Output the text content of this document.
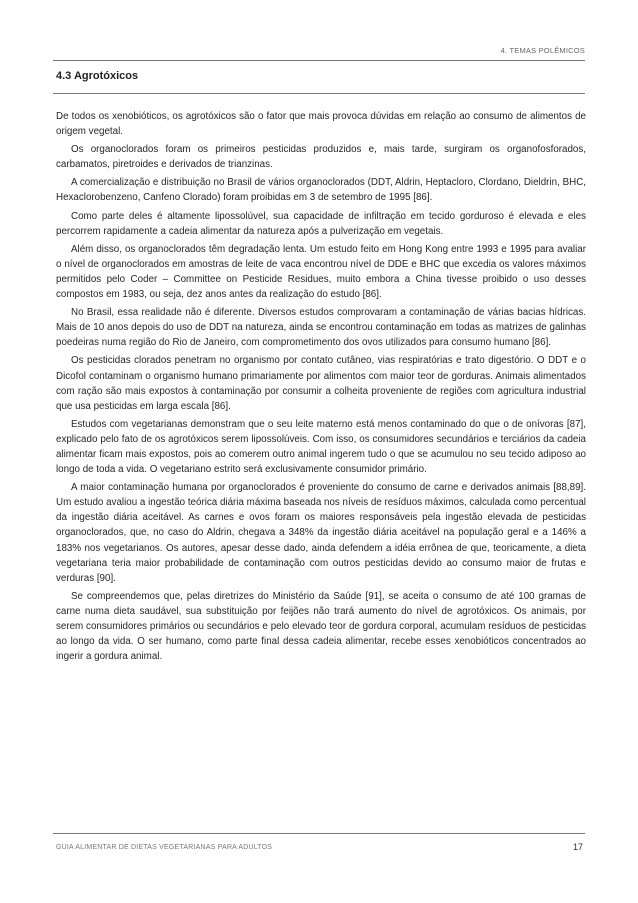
4. TEMAS POLÊMICOS
4.3 Agrotóxicos

De todos os xenobióticos, os agrotóxicos são o fator que mais provoca dúvidas em relação ao consumo de alimentos de origem vegetal.

Os organoclorados foram os primeiros pesticidas produzidos e, mais tarde, surgiram os organofosforados, carbamatos, piretroides e derivados de trianzinas.

A comercialização e distribuição no Brasil de vários organoclorados (DDT, Aldrin, Heptacloro, Clordano, Dieldrin, BHC, Hexaclorobenzeno, Canfeno Clorado) foram proibidas em 3 de setembro de 1995 [86].

Como parte deles é altamente lipossolúvel, sua capacidade de infiltração em tecido gorduroso é elevada e eles percorrem rapidamente a cadeia alimentar da natureza após a pulverização em vegetais.

Além disso, os organoclorados têm degradação lenta. Um estudo feito em Hong Kong entre 1993 e 1995 para avaliar o nível de organoclorados em amostras de leite de vaca encontrou nível de DDE e BHC que excedia os valores máximos permitidos pelo Coder – Committee on Pesticide Residues, muito embora a China tivesse proibido o uso desses compostos em 1983, ou seja, dez anos antes da realização do estudo [86].

No Brasil, essa realidade não é diferente. Diversos estudos comprovaram a contaminação de várias bacias hídricas. Mais de 10 anos depois do uso de DDT na natureza, ainda se encontrou contaminação em todas as matrizes de galinhas poedeiras numa região do Rio de Janeiro, com comprometimento dos ovos utilizados para consumo humano [86].

Os pesticidas clorados penetram no organismo por contato cutâneo, vias respiratórias e trato digestório. O DDT e o Dicofol contaminam o organismo humano primariamente por alimentos com maior teor de gorduras. Animais alimentados com ração são mais expostos à contaminação por consumir a colheita proveniente de regiões com agricultura industrial que usa pesticidas em larga escala [86].

Estudos com vegetarianas demonstram que o seu leite materno está menos contaminado do que o de onívoras [87], explicado pelo fato de os agrotóxicos serem lipossolúveis. Com isso, os consumidores secundários e terciários da cadeia alimentar ficam mais expostos, pois ao comerem outro animal ingerem tudo o que se acumulou no seu tecido adiposo ao longo de toda a vida. O vegetariano estrito será exclusivamente consumidor primário.

A maior contaminação humana por organoclorados é proveniente do consumo de carne e derivados animais [88,89]. Um estudo avaliou a ingestão teórica diária máxima baseada nos níveis de resíduos máximos, calculada como percentual da ingestão diária aceitável. As carnes e ovos foram os maiores responsáveis pela ingestão elevada de pesticidas organoclorados, que, no caso do Aldrin, chegava a 348% da ingestão diária aceitável na população geral e a 146% a 183% nos vegetarianos. Os autores, apesar desse dado, ainda defendem a idéia errônea de que, teoricamente, a dieta vegetariana teria maior probabilidade de contaminação com outros pesticidas devido ao consumo maior de frutas e verduras [90].

Se compreendemos que, pelas diretrizes do Ministério da Saúde [91], se aceita o consumo de até 100 gramas de carne numa dieta saudável, sua substituição por feijões não trará aumento do nível de agrotóxicos. Os animais, por serem consumidores primários ou secundários e pelo elevado teor de gordura corporal, acumulam resíduos de pesticidas ao longo da vida. O ser humano, como parte final dessa cadeia alimentar, recebe esses xenobióticos concentrados ao ingerir a gordura animal.

GUIA ALIMENTAR DE DIETAS VEGETARIANAS PARA ADULTOS	17
